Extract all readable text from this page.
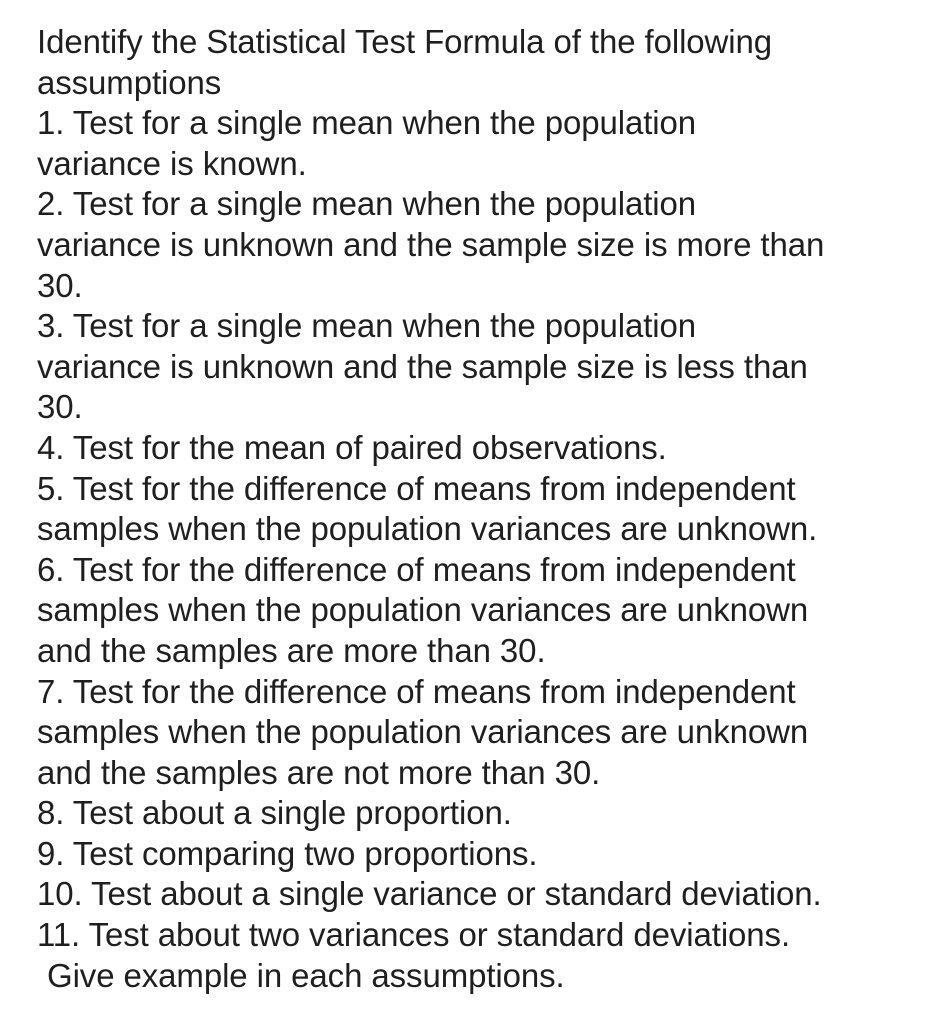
Identify the Statistical Test Formula of the following
assumptions
1. Test for a single mean when the population
variance is known.
2. Test for a single mean when the population
variance is unknown and the sample size is more than
30.
3. Test for a single mean when the population
variance is unknown and the sample size is less than
30.
4. Test for the mean of paired observations.
5. Test for the difference of means from independent
samples when the population variances are unknown.
6. Test for the difference of means from independent
samples when the population variances are unknown
and the samples are more than 30.
7. Test for the difference of means from independent
samples when the population variances are unknown
and the samples are not more than 30.
8. Test about a single proportion.
9. Test comparing two proportions.
10. Test about a single variance or standard deviation.
11. Test about two variances or standard deviations.
Give example in each assumptions.
